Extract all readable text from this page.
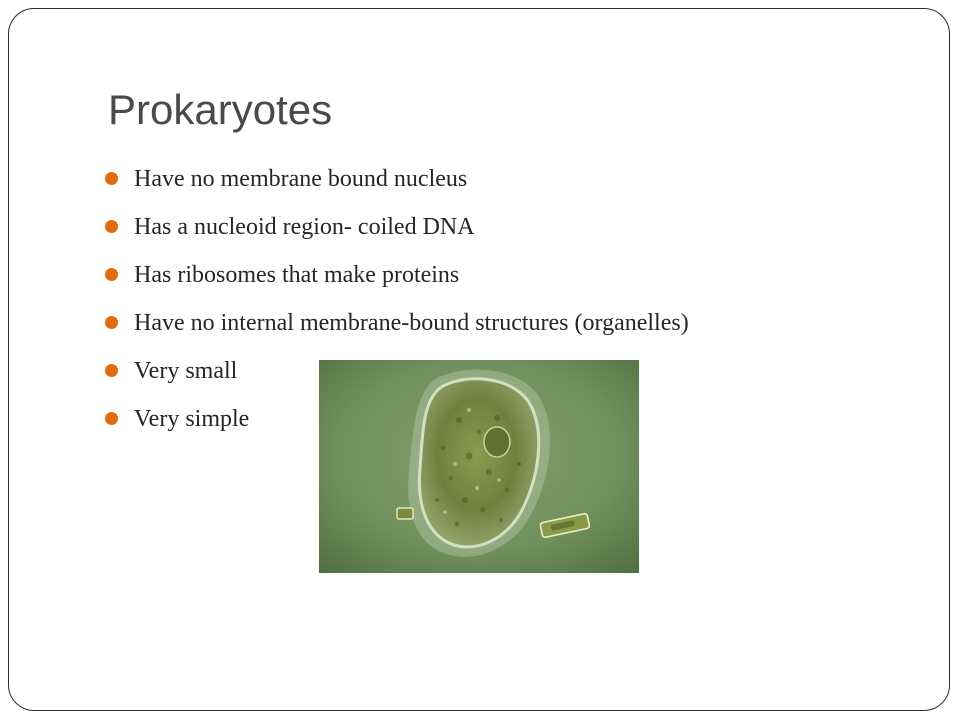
Prokaryotes
Have no membrane bound nucleus
Has a nucleoid region- coiled DNA
Has ribosomes that make proteins
Have no internal membrane-bound structures (organelles)
Very small
Very simple
